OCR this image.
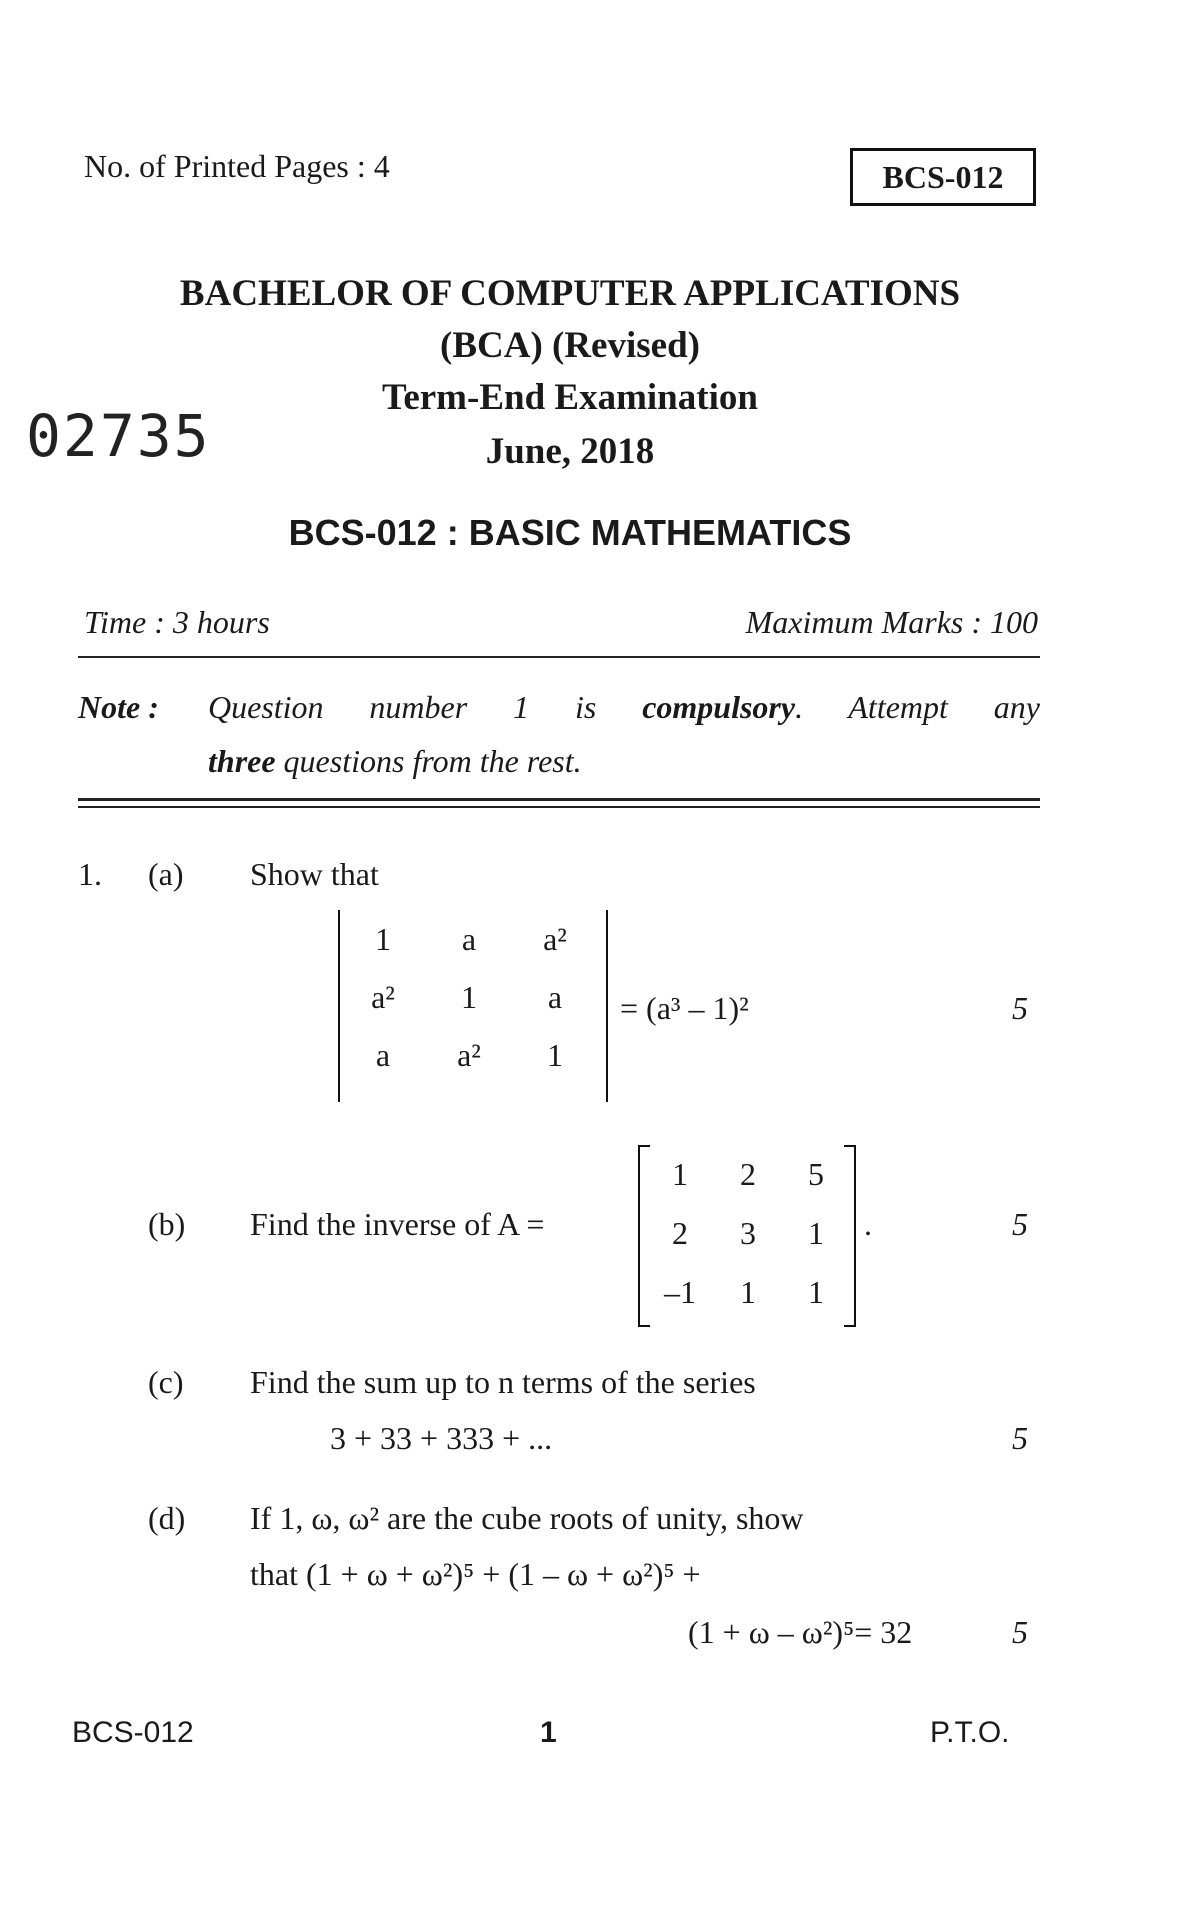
No. of Printed Pages : 4	BCS-012
BACHELOR OF COMPUTER APPLICATIONS
(BCA) (Revised)
Term-End Examination
02735	June, 2018
BCS-012 : BASIC MATHEMATICS
Time : 3 hours	Maximum Marks : 100
Note :	Question number 1 is compulsory. Attempt any
three questions from the rest.
1. (a) Show that
1	a	a²
a²	1	a
a	a²	1
= (a³ – 1)²	5
(b) Find the inverse of A =
1	2	5
2	3	1
–1	1	1
.	5
(c) Find the sum up to n terms of the series
3 + 33 + 333 + ...	5
(d) If 1, ω, ω² are the cube roots of unity, show
that (1 + ω + ω²)⁵ + (1 – ω + ω²)⁵ +
(1 + ω – ω²)⁵= 32	5
BCS-012	1	P.T.O.
